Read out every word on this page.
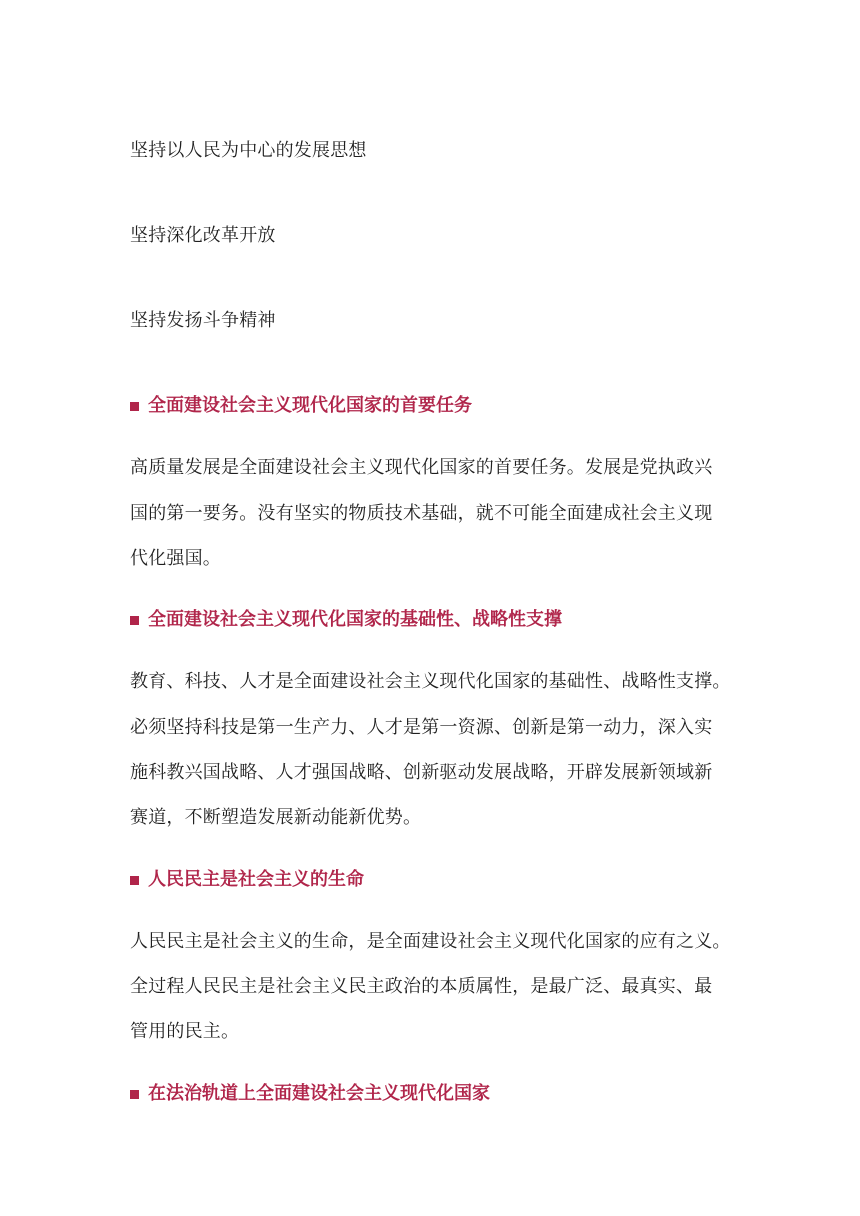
坚持以人民为中心的发展思想
坚持深化改革开放
坚持发扬斗争精神
全面建设社会主义现代化国家的首要任务
高质量发展是全面建设社会主义现代化国家的首要任务。发展是党执政兴
国的第一要务。没有坚实的物质技术基础，就不可能全面建成社会主义现
代化强国。
全面建设社会主义现代化国家的基础性、战略性支撑
教育、科技、人才是全面建设社会主义现代化国家的基础性、战略性支撑。
必须坚持科技是第一生产力、人才是第一资源、创新是第一动力，深入实
施科教兴国战略、人才强国战略、创新驱动发展战略，开辟发展新领域新
赛道，不断塑造发展新动能新优势。
人民民主是社会主义的生命
人民民主是社会主义的生命，是全面建设社会主义现代化国家的应有之义。
全过程人民民主是社会主义民主政治的本质属性，是最广泛、最真实、最
管用的民主。
在法治轨道上全面建设社会主义现代化国家
